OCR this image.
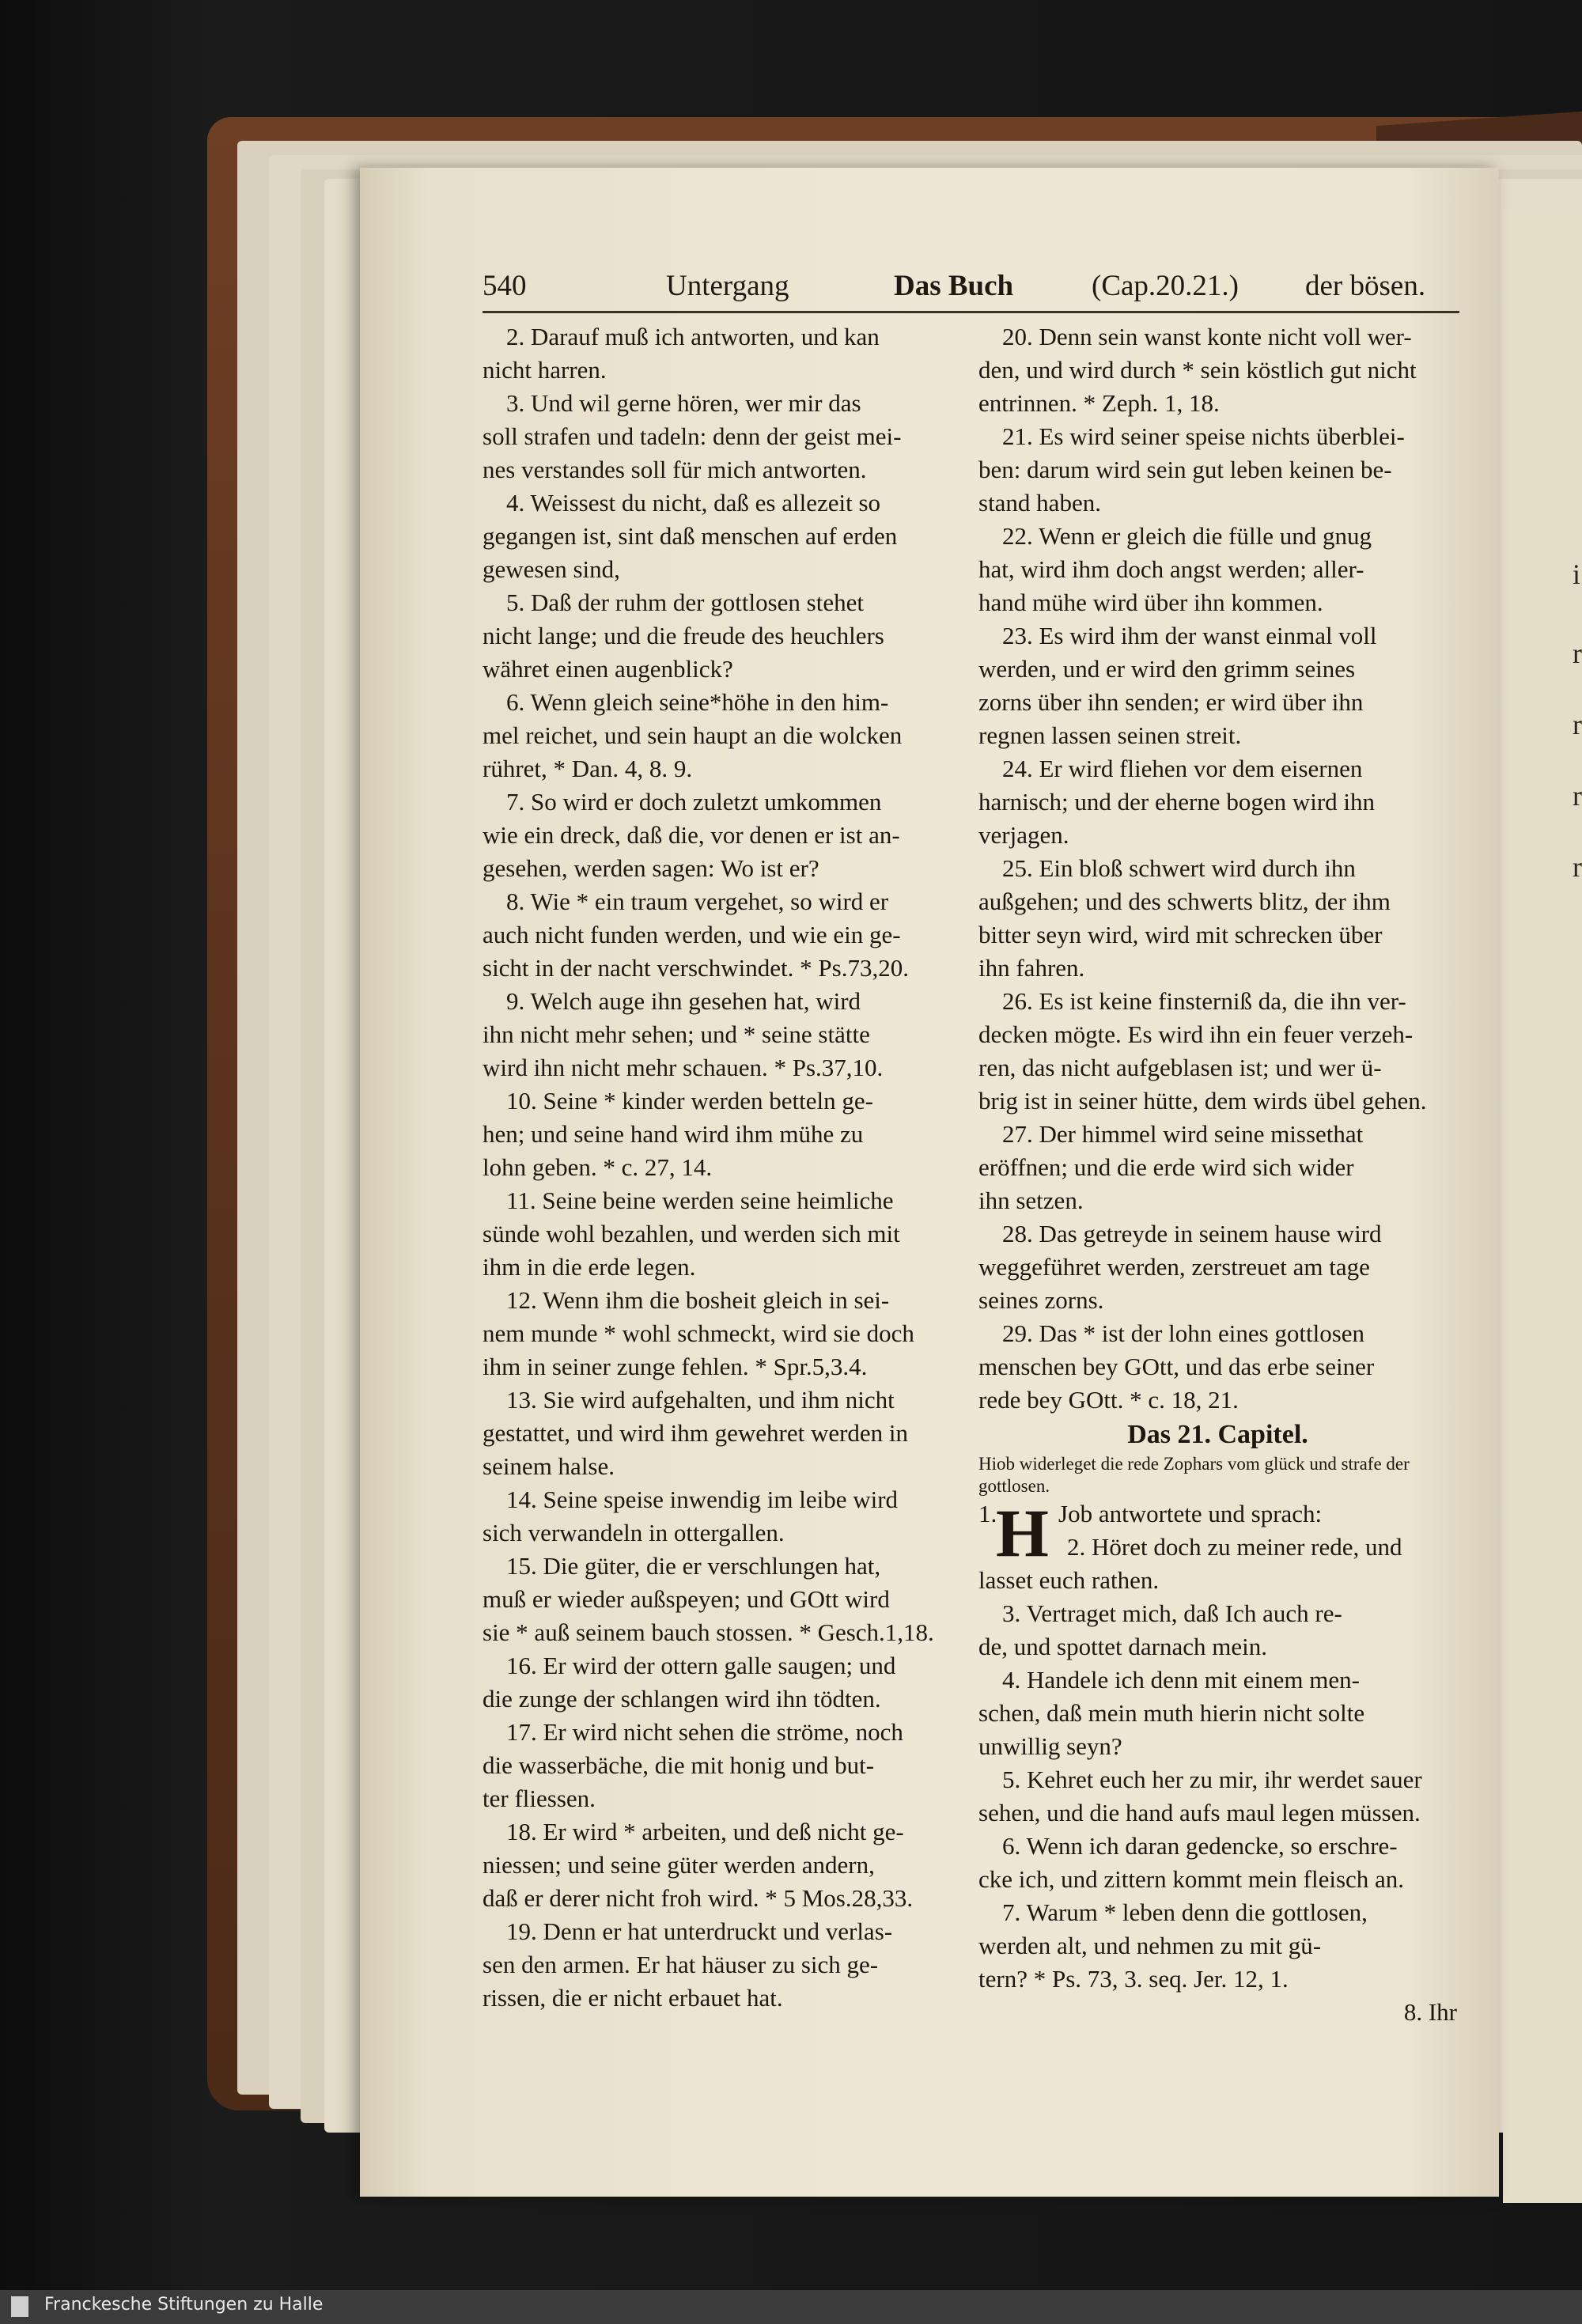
i
r
r
r
r
540	Untergang	Das Buch	(Cap.20.21.) der bösen.
2. Darauf muß ich antworten, und kan
nicht harren.
3. Und wil gerne hören, wer mir das
soll strafen und tadeln: denn der geist mei-
nes verstandes soll für mich antworten.
4. Weissest du nicht, daß es allezeit so
gegangen ist, sint daß menschen auf erden
gewesen sind,
5. Daß der ruhm der gottlosen stehet
nicht lange; und die freude des heuchlers
währet einen augenblick?
6. Wenn gleich seine*höhe in den him-
mel reichet, und sein haupt an die wolcken
rühret, * Dan. 4, 8. 9.
7. So wird er doch zuletzt umkommen
wie ein dreck, daß die, vor denen er ist an-
gesehen, werden sagen: Wo ist er?
8. Wie * ein traum vergehet, so wird er
auch nicht funden werden, und wie ein ge-
sicht in der nacht verschwindet. * Ps.73,20.
9. Welch auge ihn gesehen hat, wird
ihn nicht mehr sehen; und * seine stätte
wird ihn nicht mehr schauen. * Ps.37,10.
10. Seine * kinder werden betteln ge-
hen; und seine hand wird ihm mühe zu
lohn geben. * c. 27, 14.
11. Seine beine werden seine heimliche
sünde wohl bezahlen, und werden sich mit
ihm in die erde legen.
12. Wenn ihm die bosheit gleich in sei-
nem munde * wohl schmeckt, wird sie doch
ihm in seiner zunge fehlen. * Spr.5,3.4.
13. Sie wird aufgehalten, und ihm nicht
gestattet, und wird ihm gewehret werden in
seinem halse.
14. Seine speise inwendig im leibe wird
sich verwandeln in ottergallen.
15. Die güter, die er verschlungen hat,
muß er wieder außspeyen; und GOtt wird
sie * auß seinem bauch stossen. * Gesch.1,18.
16. Er wird der ottern galle saugen; und
die zunge der schlangen wird ihn tödten.
17. Er wird nicht sehen die ströme, noch
die wasserbäche, die mit honig und but-
ter fliessen.
18. Er wird * arbeiten, und deß nicht ge-
niessen; und seine güter werden andern,
daß er derer nicht froh wird. * 5 Mos.28,33.
19. Denn er hat unterdruckt und verlas-
sen den armen. Er hat häuser zu sich ge-
rissen, die er nicht erbauet hat.
20. Denn sein wanst konte nicht voll wer-
den, und wird durch * sein köstlich gut nicht
entrinnen. * Zeph. 1, 18.
21. Es wird seiner speise nichts überblei-
ben: darum wird sein gut leben keinen be-
stand haben.
22. Wenn er gleich die fülle und gnug
hat, wird ihm doch angst werden; aller-
hand mühe wird über ihn kommen.
23. Es wird ihm der wanst einmal voll
werden, und er wird den grimm seines
zorns über ihn senden; er wird über ihn
regnen lassen seinen streit.
24. Er wird fliehen vor dem eisernen
harnisch; und der eherne bogen wird ihn
verjagen.
25. Ein bloß schwert wird durch ihn
außgehen; und des schwerts blitz, der ihm
bitter seyn wird, wird mit schrecken über
ihn fahren.
26. Es ist keine finsterniß da, die ihn ver-
decken mögte. Es wird ihn ein feuer verzeh-
ren, das nicht aufgeblasen ist; und wer ü-
brig ist in seiner hütte, dem wirds übel gehen.
27. Der himmel wird seine missethat
eröffnen; und die erde wird sich wider
ihn setzen.
28. Das getreyde in seinem hause wird
weggeführet werden, zerstreuet am tage
seines zorns.
29. Das * ist der lohn eines gottlosen
menschen bey GOtt, und das erbe seiner
rede bey GOtt. * c. 18, 21.
Das 21. Capitel.
Hiob widerleget die rede Zophars vom glück und strafe der gottlosen.
1.
H Job antwortete und sprach:
2. Höret doch zu meiner rede, und
lasset euch rathen.
3. Vertraget mich, daß Ich auch re-
de, und spottet darnach mein.
4. Handele ich denn mit einem men-
schen, daß mein muth hierin nicht solte
unwillig seyn?
5. Kehret euch her zu mir, ihr werdet sauer
sehen, und die hand aufs maul legen müssen.
6. Wenn ich daran gedencke, so erschre-
cke ich, und zittern kommt mein fleisch an.
7. Warum * leben denn die gottlosen,
werden alt, und nehmen zu mit gü-
tern? * Ps. 73, 3. seq. Jer. 12, 1.
8. Ihr
Franckesche Stiftungen zu Halle
